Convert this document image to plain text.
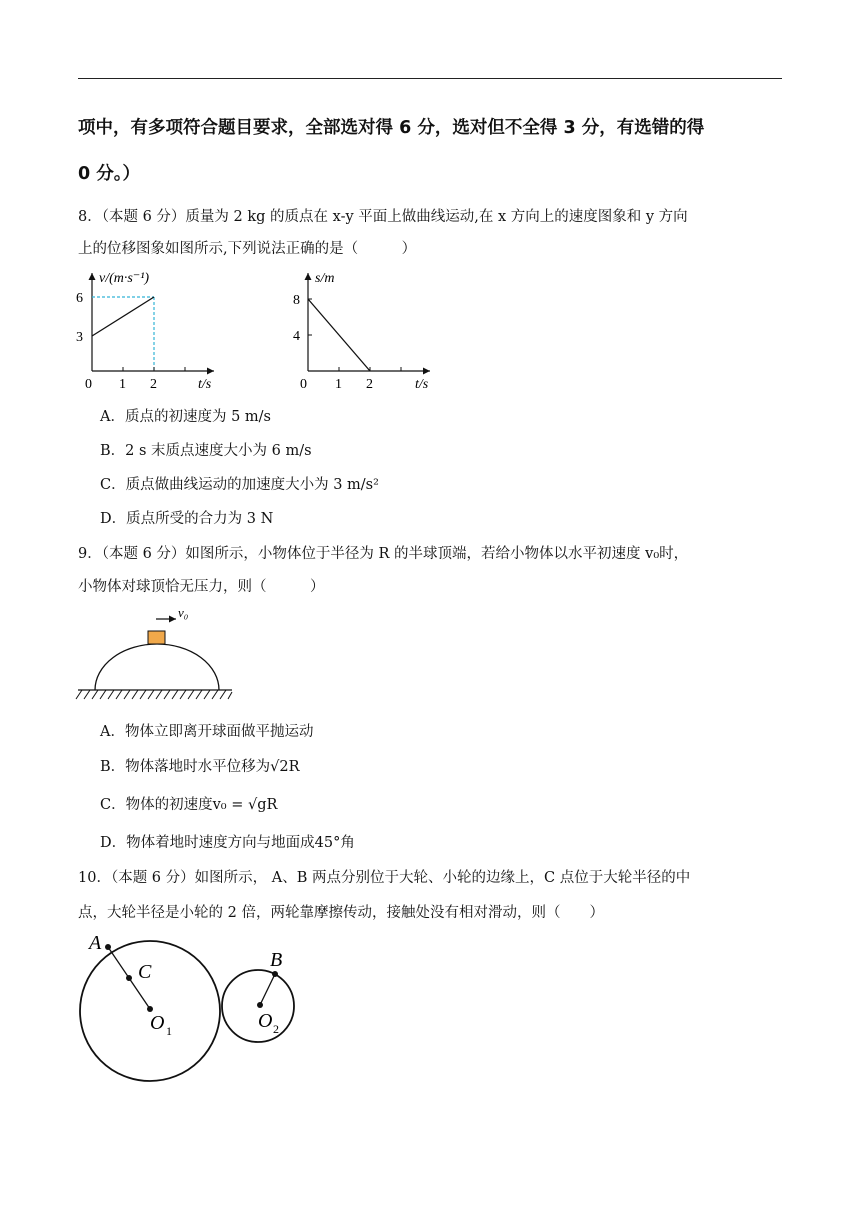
项中，有多项符合题目要求，全部选对得 6 分，选对但不全得 3 分，有选错的得
0 分。）
8．（本题 6 分）质量为 2 kg 的质点在 x-y 平面上做曲线运动,在 x 方向上的速度图象和 y 方向
上的位移图象如图所示,下列说法正确的是（　　　）
v/(m·s⁻¹)
6
3
0 1 2	t/s
s/m
8
4
0 1 2	t/s
A．质点的初速度为 5 m/s
B．2 s 末质点速度大小为 6 m/s
C．质点做曲线运动的加速度大小为 3 m/s²
D．质点所受的合力为 3 N
9．（本题 6 分）如图所示，小物体位于半径为 R 的半球顶端，若给小物体以水平初速度 v₀时，
小物体对球顶恰无压力，则（　　　）
v₀
A．物体立即离开球面做平抛运动
B．物体落地时水平位移为√2R
C．物体的初速度v₀ = √gR
D．物体着地时速度方向与地面成45°角
10．（本题 6 分）如图所示， A、B 两点分别位于大轮、小轮的边缘上，C 点位于大轮半径的中
点，大轮半径是小轮的 2 倍，两轮靠摩擦传动，接触处没有相对滑动，则（　　）
A
C
O 1
B
O 2
